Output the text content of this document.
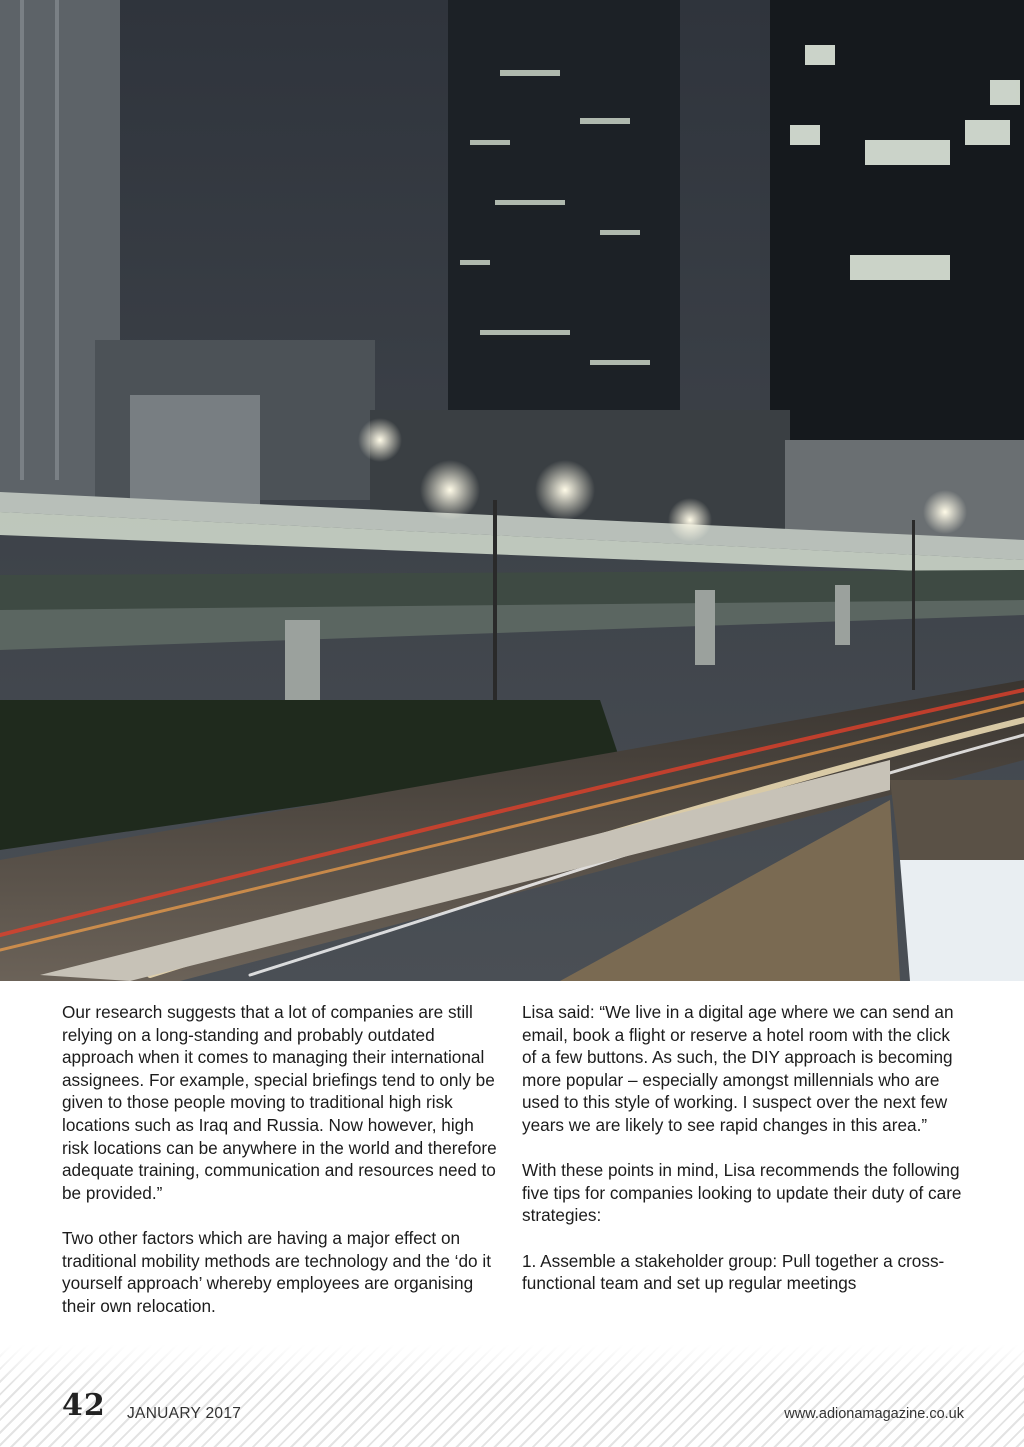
Our research suggests that a lot of companies are still relying on a long-standing and probably outdated approach when it comes to managing their international assignees. For example, special briefings tend to only be given to those people moving to traditional high risk locations such as Iraq and Russia. Now however, high risk locations can be anywhere in the world and therefore adequate training, communication and resources need to be provided.”

Two other factors which are having a major effect on traditional mobility methods are technology and the ‘do it yourself approach’ whereby employees are organising their own relocation.

Lisa said: “We live in a digital age where we can send an email, book a flight or reserve a hotel room with the click of a few buttons. As such, the DIY approach is becoming more popular – especially amongst millennials who are used to this style of working. I suspect over the next few years we are likely to see rapid changes in this area.”

With these points in mind, Lisa recommends the following five tips for companies looking to update their duty of care strategies:

1. Assemble a stakeholder group: Pull together a cross-functional team and set up regular meetings

42 JANUARY 2017	www.adionamagazine.co.uk
